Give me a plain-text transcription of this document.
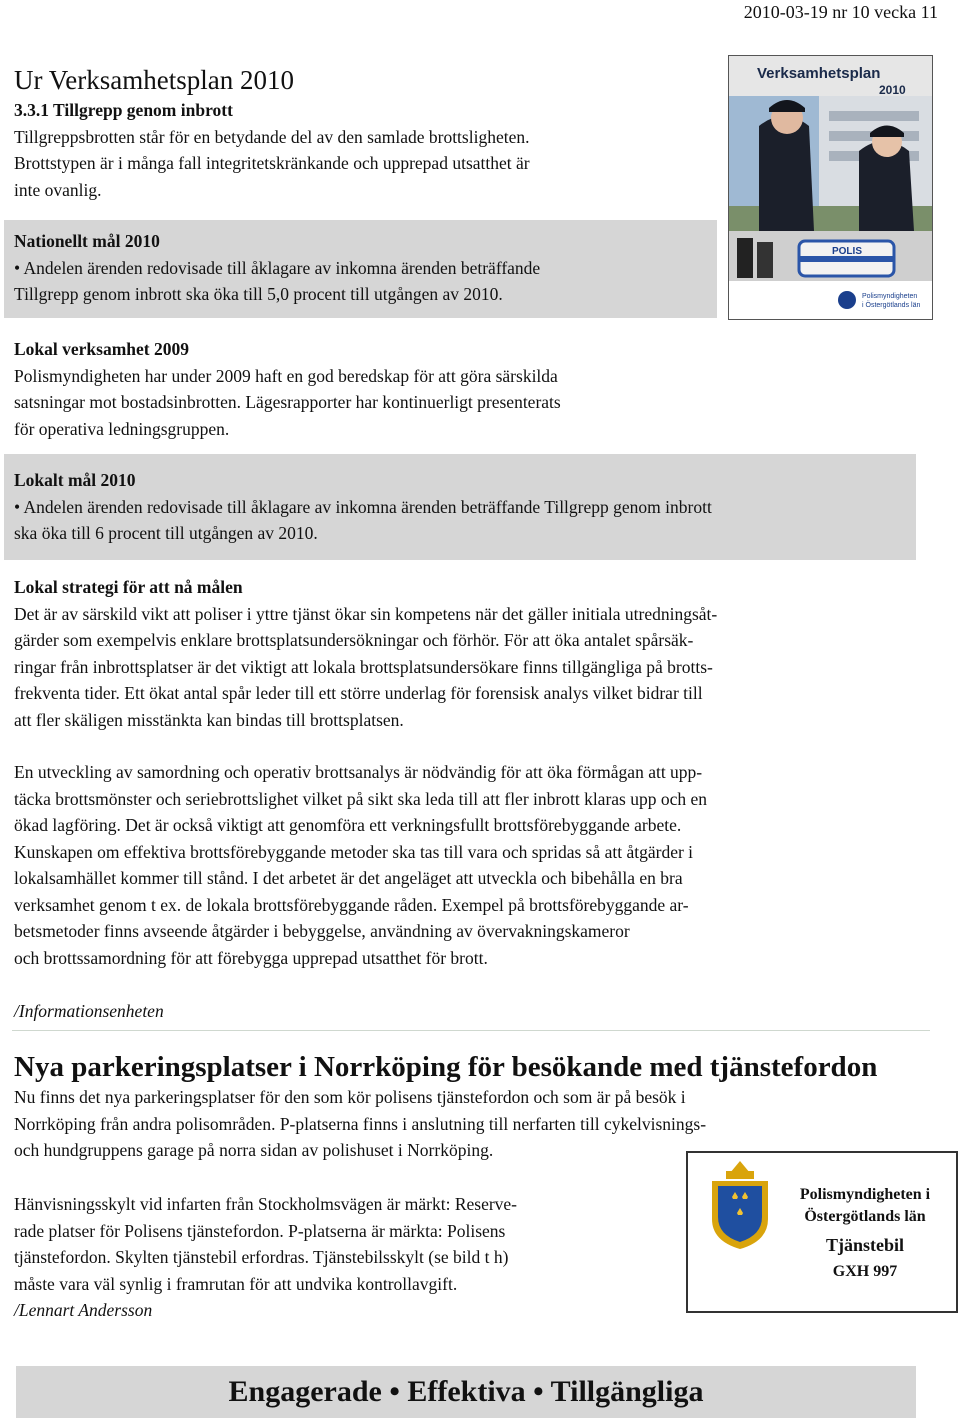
2010-03-19 nr 10 vecka 11
Ur Verksamhetsplan 2010

3.3.1 Tillgrepp genom inbrott

Tillgreppsbrotten står för en betydande del av den samlade brottsligheten.

Brottstypen är i många fall integritetskränkande och upprepad utsatthet är

inte ovanlig.

POLIS
Polismyndigheten
i Östergötlands län
Verksamhetsplan
2010

Nationellt mål 2010

• Andelen ärenden redovisade till åklagare av inkomna ärenden beträffande

Tillgrepp genom inbrott ska öka till 5,0 procent till utgången av 2010.

Lokal verksamhet 2009

Polismyndigheten har under 2009 haft en god beredskap för att göra särskilda

satsningar mot bostadsinbrotten. Lägesrapporter har kontinuerligt presenterats

för operativa ledningsgruppen.

Lokalt mål 2010

• Andelen ärenden redovisade till åklagare av inkomna ärenden beträffande Tillgrepp genom inbrott

ska öka till 6 procent till utgången av 2010.

Lokal strategi för att nå målen

Det är av särskild vikt att poliser i yttre tjänst ökar sin kompetens när det gäller initiala utredningsåt-

gärder som exempelvis enklare brottsplatsundersökningar och förhör. För att öka antalet spårsäk-

ringar från inbrottsplatser är det viktigt att lokala brottsplatsundersökare finns tillgängliga på brotts-

frekventa tider. Ett ökat antal spår leder till ett större underlag för forensisk analys vilket bidrar till

att fler skäligen misstänkta kan bindas till brottsplatsen.

En utveckling av samordning och operativ brottsanalys är nödvändig för att öka förmågan att upp-

täcka brottsmönster och seriebrottslighet vilket på sikt ska leda till att fler inbrott klaras upp och en

ökad lagföring. Det är också viktigt att genomföra ett verkningsfullt brottsförebyggande arbete.

Kunskapen om effektiva brottsförebyggande metoder ska tas till vara och spridas så att åtgärder i

lokalsamhället kommer till stånd. I det arbetet är det angeläget att utveckla och bibehålla en bra

verksamhet genom t ex. de lokala brottsförebyggande råden. Exempel på brottsförebyggande ar-

betsmetoder finns avseende åtgärder i bebyggelse, användning av övervakningskameror

och brottssamordning för att förebygga upprepad utsatthet för brott.

/Informationsenheten

Nya parkeringsplatser i Norrköping för besökande med tjänstefordon

Nu finns det nya parkeringsplatser för den som kör polisens tjänstefordon och som är på besök i

Norrköping från andra polisområden. P-platserna finns i anslutning till nerfarten till cykelvisnings-

och hundgruppens garage på norra sidan av polishuset i Norrköping.

Hänvisningsskylt vid infarten från Stockholmsvägen är märkt: Reserve-

rade platser för Polisens tjänstefordon. P-platserna är märkta: Polisens

tjänstefordon. Skylten tjänstebil erfordras. Tjänstebilsskylt (se bild t h)

måste vara väl synlig i framrutan för att undvika kontrollavgift.

/Lennart Andersson

Polismyndigheten i
Östergötlands län
Tjänstebil
GXH 997
Engagerade • Effektiva • Tillgängliga
